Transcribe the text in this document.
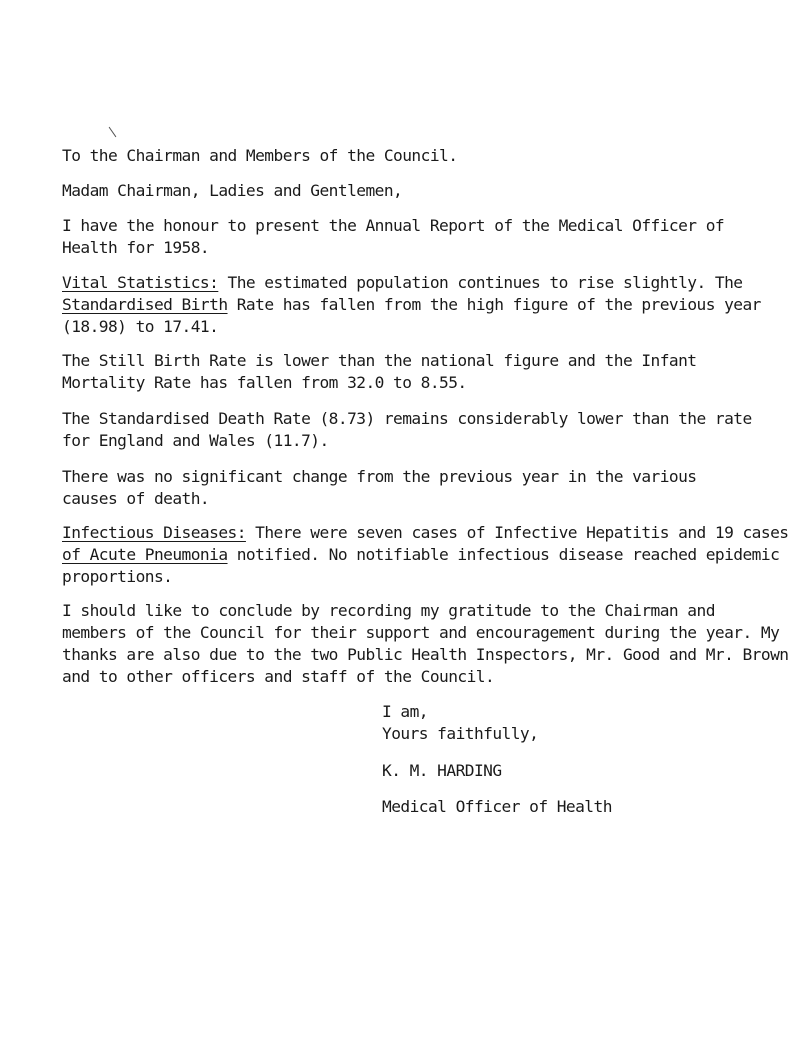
To the Chairman and Members of the Council.
Madam Chairman, Ladies and Gentlemen,
I have the honour to present the Annual Report of the Medical Officer of
Health for 1958.
Vital Statistics: The estimated population continues to rise slightly. The
Standardised Birth Rate has fallen from the high figure of the previous year
(18.98) to 17.41.
The Still Birth Rate is lower than the national figure and the Infant
Mortality Rate has fallen from 32.0 to 8.55.
The Standardised Death Rate (8.73) remains considerably lower than the rate
for England and Wales (11.7).
There was no significant change from the previous year in the various
causes of death.
Infectious Diseases: There were seven cases of Infective Hepatitis and 19 cases
of Acute Pneumonia notified. No notifiable infectious disease reached epidemic
proportions.
I should like to conclude by recording my gratitude to the Chairman and
members of the Council for their support and encouragement during the year. My
thanks are also due to the two Public Health Inspectors, Mr. Good and Mr. Brown
and to other officers and staff of the Council.
I am,
Yours faithfully,
K. M. HARDING
Medical Officer of Health
